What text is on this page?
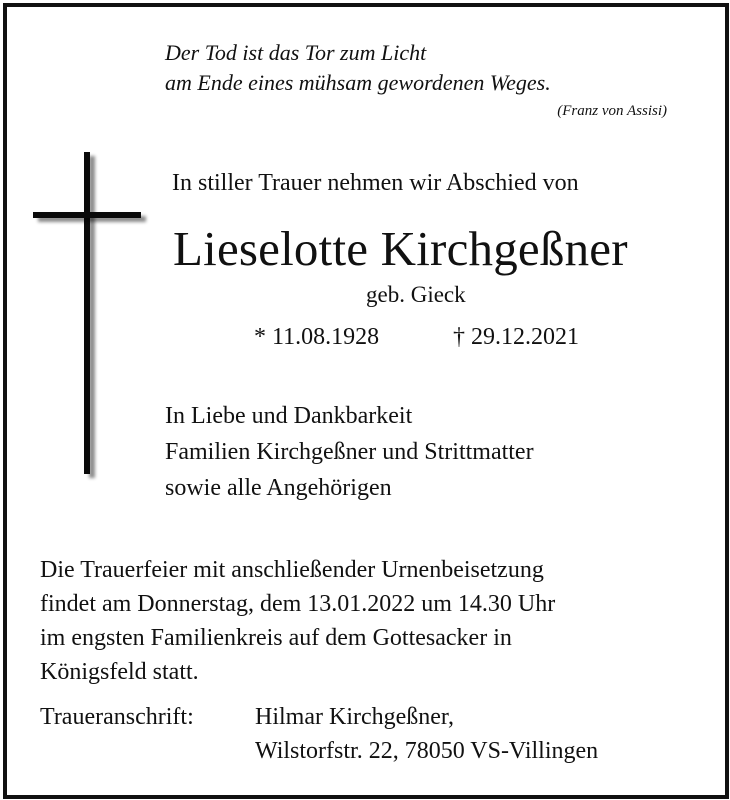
Der Tod ist das Tor zum Licht
am Ende eines mühsam gewordenen Weges.
(Franz von Assisi)
In stiller Trauer nehmen wir Abschied von
Lieselotte Kirchgeßner
geb. Gieck
* 11.08.1928	† 29.12.2021
In Liebe und Dankbarkeit
Familien Kirchgeßner und Strittmatter
sowie alle Angehörigen
Die Trauerfeier mit anschließender Urnenbeisetzung
findet am Donnerstag, dem 13.01.2022 um 14.30 Uhr
im engsten Familienkreis auf dem Gottesacker in
Königsfeld statt.
Traueranschrift:	Hilmar Kirchgeßner,
Wilstorfstr. 22, 78050 VS-Villingen
